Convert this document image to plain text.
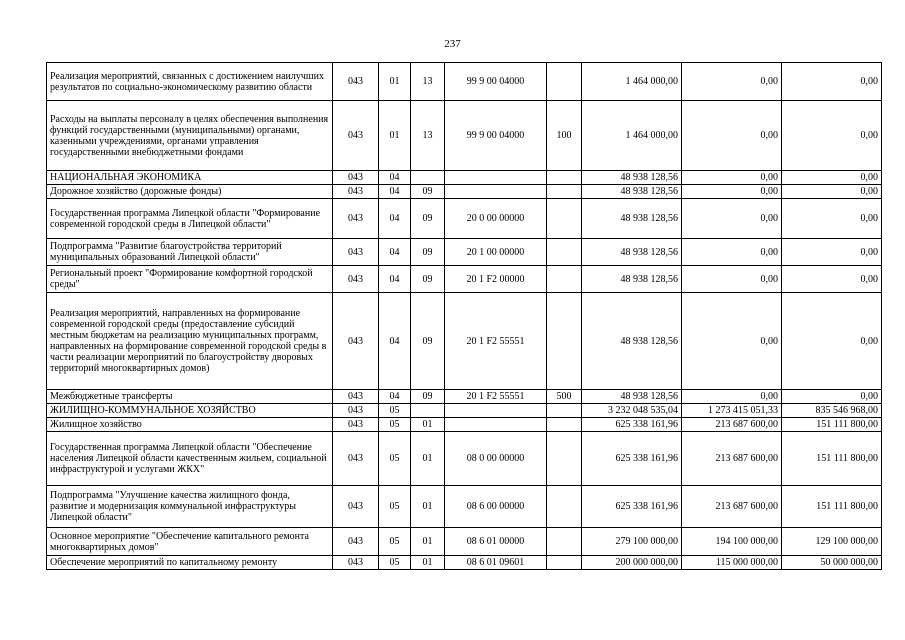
237
Реализация мероприятий, связанных с достижением наилучших результатов по социально-экономическому развитию области	043	01	13	99 9 00 04000		1 464 000,00	0,00	0,00
Расходы на выплаты персоналу в целях обеспечения выполнения функций государственными (муниципальными) органами, казенными учреждениями, органами управления государственными внебюджетными фондами	043	01	13	99 9 00 04000	100	1 464 000,00	0,00	0,00
НАЦИОНАЛЬНАЯ ЭКОНОМИКА	043	04				48 938 128,56	0,00	0,00
Дорожное хозяйство (дорожные фонды)	043	04	09			48 938 128,56	0,00	0,00
Государственная программа Липецкой области "Формирование современной городской среды в Липецкой области"	043	04	09	20 0 00 00000		48 938 128,56	0,00	0,00
Подпрограмма "Развитие благоустройства территорий муниципальных образований Липецкой области"	043	04	09	20 1 00 00000		48 938 128,56	0,00	0,00
Региональный проект "Формирование комфортной городской среды"	043	04	09	20 1 F2 00000		48 938 128,56	0,00	0,00
Реализация мероприятий, направленных на формирование современной городской среды (предоставление субсидий местным бюджетам на реализацию муниципальных программ, направленных на формирование современной городской среды в части реализации мероприятий по благоустройству дворовых территорий многоквартирных домов)	043	04	09	20 1 F2 55551		48 938 128,56	0,00	0,00
Межбюджетные трансферты	043	04	09	20 1 F2 55551	500	48 938 128,56	0,00	0,00
ЖИЛИЩНО-КОММУНАЛЬНОЕ ХОЗЯЙСТВО	043	05				3 232 048 535,04	1 273 415 051,33	835 546 968,00
Жилищное хозяйство	043	05	01			625 338 161,96	213 687 600,00	151 111 800,00
Государственная программа Липецкой области "Обеспечение населения Липецкой области качественным жильем, социальной инфраструктурой и услугами ЖКХ"	043	05	01	08 0 00 00000		625 338 161,96	213 687 600,00	151 111 800,00
Подпрограмма "Улучшение качества жилищного фонда, развитие и модернизация коммунальной инфраструктуры Липецкой области"	043	05	01	08 6 00 00000		625 338 161,96	213 687 600,00	151 111 800,00
Основное мероприятие "Обеспечение капитального ремонта многоквартирных домов"	043	05	01	08 6 01 00000		279 100 000,00	194 100 000,00	129 100 000,00
Обеспечение мероприятий по капитальному ремонту	043	05	01	08 6 01 09601		200 000 000,00	115 000 000,00	50 000 000,00
